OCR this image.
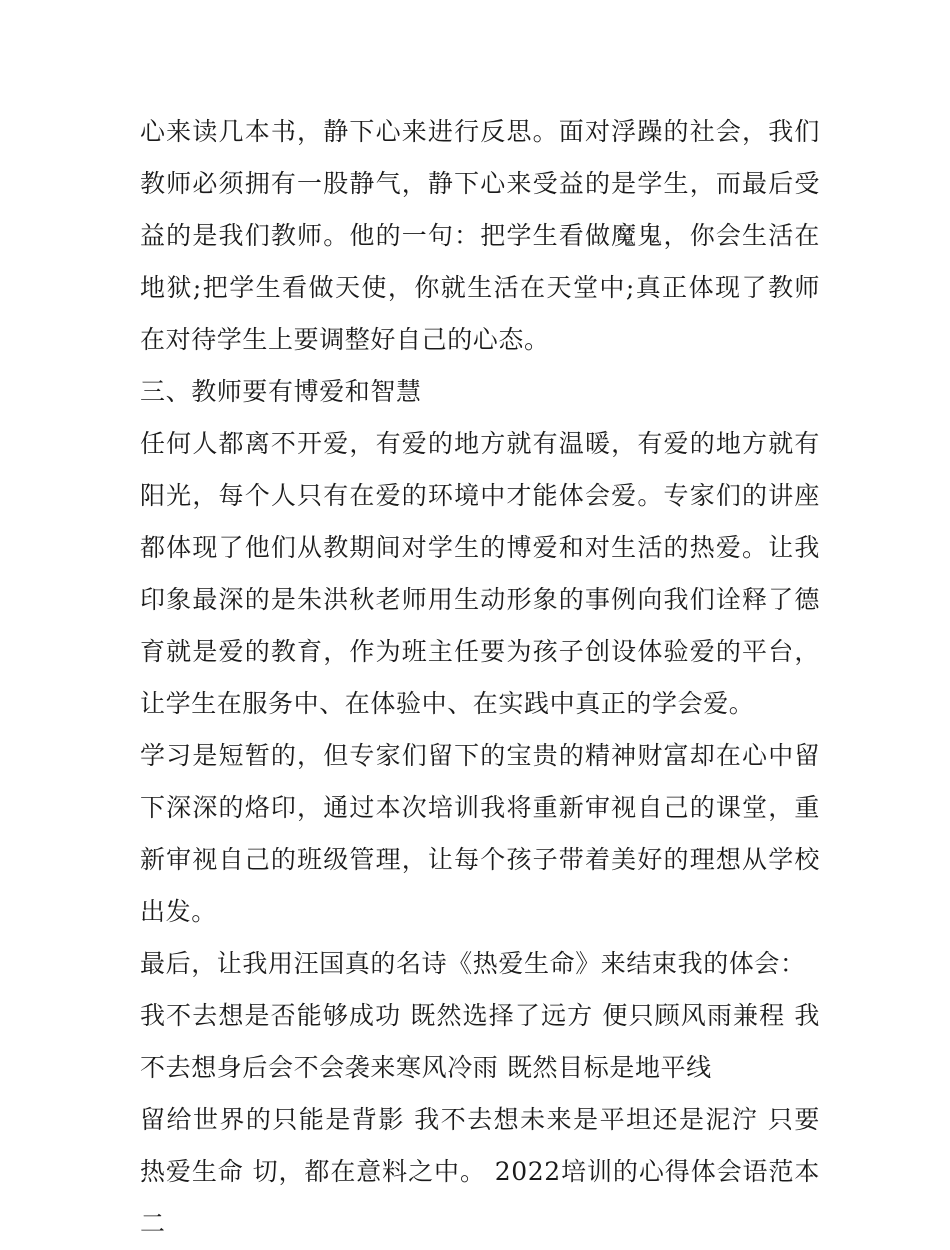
心来读几本书，静下心来进行反思。面对浮躁的社会，我们教师必须拥有一股静气，静下心来受益的是学生，而最后受益的是我们教师。他的一句：把学生看做魔鬼，你会生活在地狱;把学生看做天使，你就生活在天堂中;真正体现了教师在对待学生上要调整好自己的心态。

三、教师要有博爱和智慧

任何人都离不开爱，有爱的地方就有温暖，有爱的地方就有阳光，每个人只有在爱的环境中才能体会爱。专家们的讲座都体现了他们从教期间对学生的博爱和对生活的热爱。让我印象最深的是朱洪秋老师用生动形象的事例向我们诠释了德育就是爱的教育，作为班主任要为孩子创设体验爱的平台，让学生在服务中、在体验中、在实践中真正的学会爱。

学习是短暂的，但专家们留下的宝贵的精神财富却在心中留下深深的烙印，通过本次培训我将重新审视自己的课堂，重新审视自己的班级管理，让每个孩子带着美好的理想从学校出发。

最后，让我用汪国真的名诗《热爱生命》来结束我的体会：

我不去想是否能够成功 既然选择了远方 便只顾风雨兼程 我不去想身后会不会袭来寒风冷雨 既然目标是地平线

留给世界的只能是背影 我不去想未来是平坦还是泥泞 只要热爱生命 切，都在意料之中。 2022培训的心得体会语范本二
